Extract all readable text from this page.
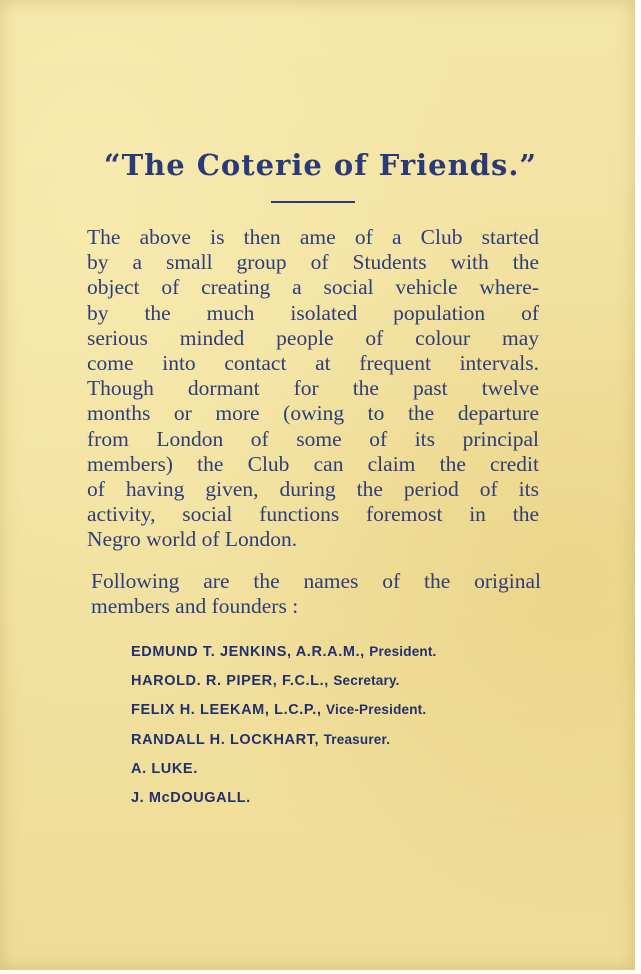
“The Coterie of Friends.”
The above is then ame of a Club started
by a small group of Students with the
object of creating a social vehicle where-
by the much isolated population of
serious minded people of colour may
come into contact at frequent intervals.
Though dormant for the past twelve
months or more (owing to the departure
from London of some of its principal
members) the Club can claim the credit
of having given, during the period of its
activity, social functions foremost in the
Negro world of London.
Following are the names of the original
members and founders :
EDMUND T. JENKINS, A.R.A.M., President.
HAROLD. R. PIPER, F.C.L., Secretary.
FELIX H. LEEKAM, L.C.P., Vice-President.
RANDALL H. LOCKHART, Treasurer.
A. LUKE.
J. McDOUGALL.
